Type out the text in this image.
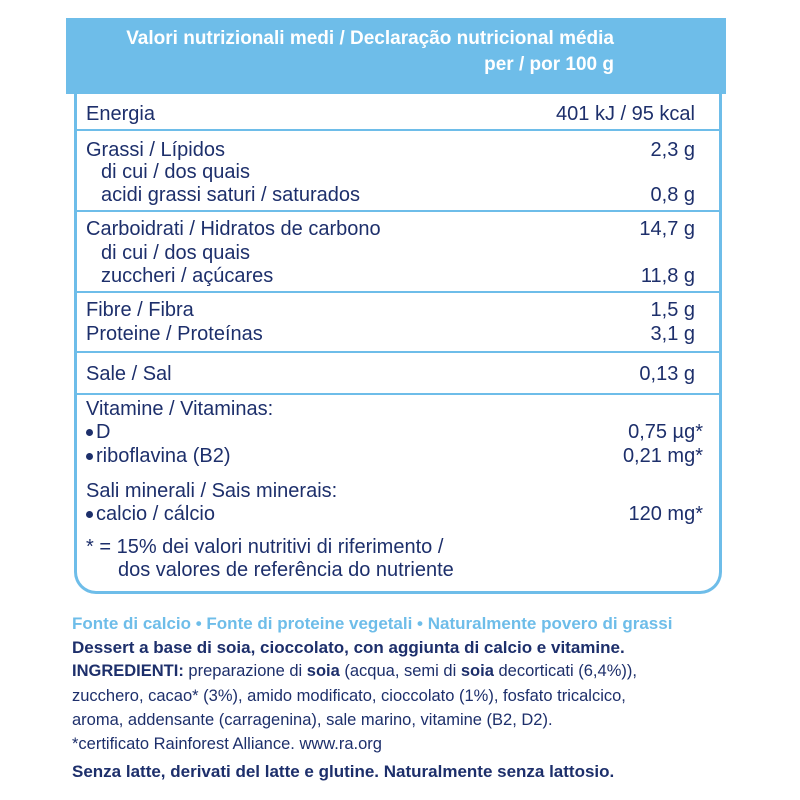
Valori nutrizionali medi / Declaração nutricional média
per / por 100 g
Energia	401 kJ / 95 kcal
Grassi / Lípidos	2,3 g
di cui / dos quais
acidi grassi saturi / saturados	0,8 g
Carboidrati / Hidratos de carbono	14,7 g
di cui / dos quais
zuccheri / açúcares	11,8 g
Fibre / Fibra	1,5 g
Proteine / Proteínas	3,1 g
Sale / Sal	0,13 g
Vitamine / Vitaminas:
D	0,75 µg*
riboflavina (B2)	0,21 mg*
Sali minerali / Sais minerais:
calcio / cálcio	120 mg*
* = 15% dei valori nutritivi di riferimento /
dos valores de referência do nutriente
Fonte di calcio • Fonte di proteine vegetali • Naturalmente povero di grassi
Dessert a base di soia, cioccolato, con aggiunta di calcio e vitamine.
INGREDIENTI: preparazione di soia (acqua, semi di soia decorticati (6,4%)),
zucchero, cacao* (3%), amido modificato, cioccolato (1%), fosfato tricalcico,
aroma, addensante (carragenina), sale marino, vitamine (B2, D2).
*certificato Rainforest Alliance. www.ra.org
Senza latte, derivati del latte e glutine. Naturalmente senza lattosio.
